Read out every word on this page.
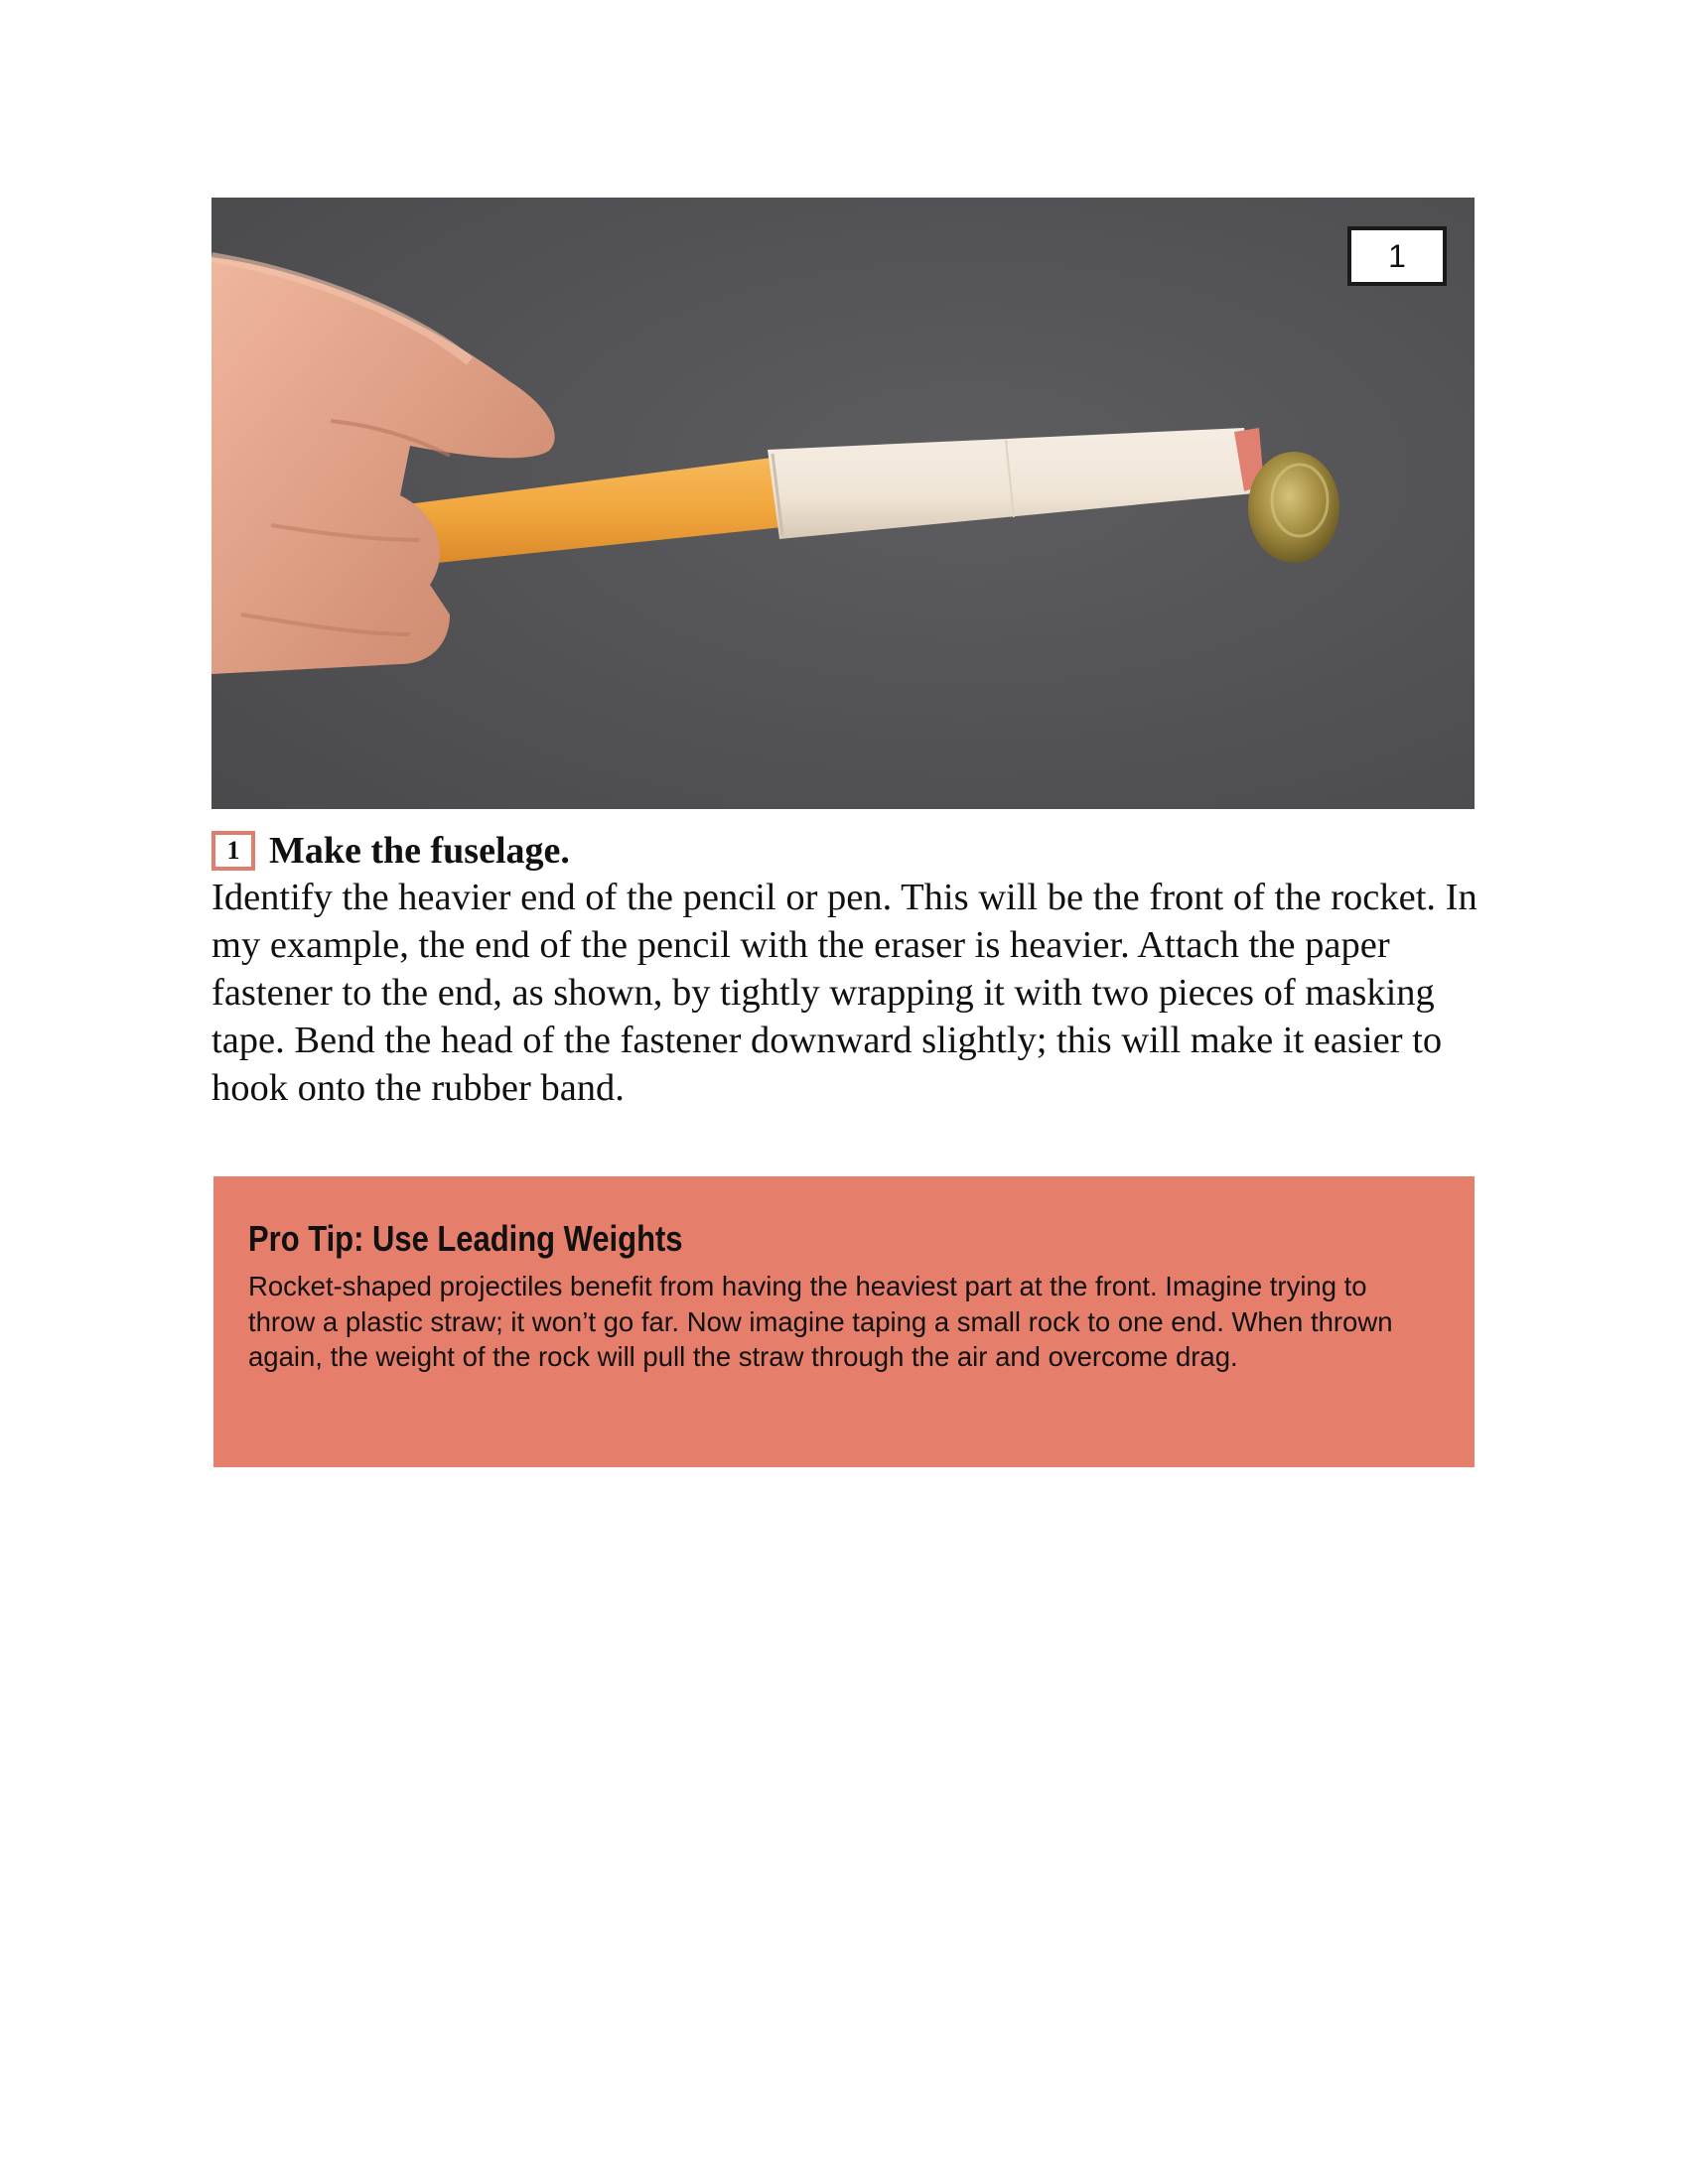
1
1 Make the fuselage.

Identify the heavier end of the pencil or pen. This will be the front of the rocket. In my example, the end of the pencil with the eraser is heavier. Attach the paper fastener to the end, as shown, by tightly wrapping it with two pieces of masking tape. Bend the head of the fastener downward slightly; this will make it easier to hook onto the rubber band.

Pro Tip: Use Leading Weights

Rocket-shaped projectiles benefit from having the heaviest part at the front. Imagine trying to throw a plastic straw; it won’t go far. Now imagine taping a small rock to one end. When thrown again, the weight of the rock will pull the straw through the air and overcome drag.
